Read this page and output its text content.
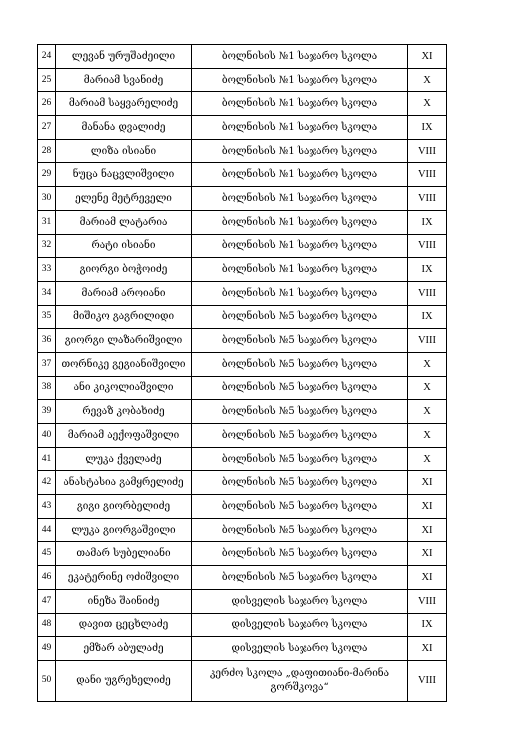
24	ლევან ურუშაძეილი	ბოლნისის №1 საჯარო სკოლა	XI
25	მარიამ სვანიძე	ბოლნისის №1 საჯარო სკოლა	X
26	მარიამ საყვარელიძე	ბოლნისის №1 საჯარო სკოლა	X
27	მანანა დვალიძე	ბოლნისის №1 საჯარო სკოლა	IX
28	ლიზა ისიანი	ბოლნისის №1 საჯარო სკოლა	VIII
29	ნუცა ნაცვლიშვილი	ბოლნისის №1 საჯარო სკოლა	VIII
30	ელენე მეტრეველი	ბოლნისის №1 საჯარო სკოლა	VIII
31	მარიამ ლატარია	ბოლნისის №1 საჯარო სკოლა	IX
32	რატი ისიანი	ბოლნისის №1 საჯარო სკოლა	VIII
33	გიორგი ბოჭოიძე	ბოლნისის №1 საჯარო სკოლა	IX
34	მარიამ აროიანი	ბოლნისის №1 საჯარო სკოლა	VIII
35	მიშიკო გაგრილიდი	ბოლნისის №5 საჯარო სკოლა	IX
36	გიორგი ლაზარიშვილი	ბოლნისის №5 საჯარო სკოლა	VIII
37	თორნიკე გეგიანიშვილი	ბოლნისის №5 საჯარო სკოლა	X
38	ანი კიკოლიაშვილი	ბოლნისის №5 საჯარო სკოლა	X
39	რევაზ კობახიძე	ბოლნისის №5 საჯარო სკოლა	X
40	მარიამ აექოფაშვილი	ბოლნისის №5 საჯარო სკოლა	X
41	ლუკა ქველაძე	ბოლნისის №5 საჯარო სკოლა	X
42	ანასტასია გამყრელიძე	ბოლნისის №5 საჯარო სკოლა	XI
43	გიგი გიორბელიძე	ბოლნისის №5 საჯარო სკოლა	XI
44	ლუკა გიორგაშვილი	ბოლნისის №5 საჯარო სკოლა	XI
45	თამარ სუბელიანი	ბოლნისის №5 საჯარო სკოლა	XI
46	ეკატერინე ოძიშვილი	ბოლნისის №5 საჯარო სკოლა	XI
47	ინეზა შაინიძე	დისველის საჯარო სკოლა	VIII
48	დავით ცეცხლაძე	დისველის საჯარო სკოლა	IX
49	ემზარ აბულაძე	დისველის საჯარო სკოლა	XI
50	დანი უგრეხელიძე	კერძო სკოლა „დაფითიანი-მარინა გორშკოვა“	VIII
